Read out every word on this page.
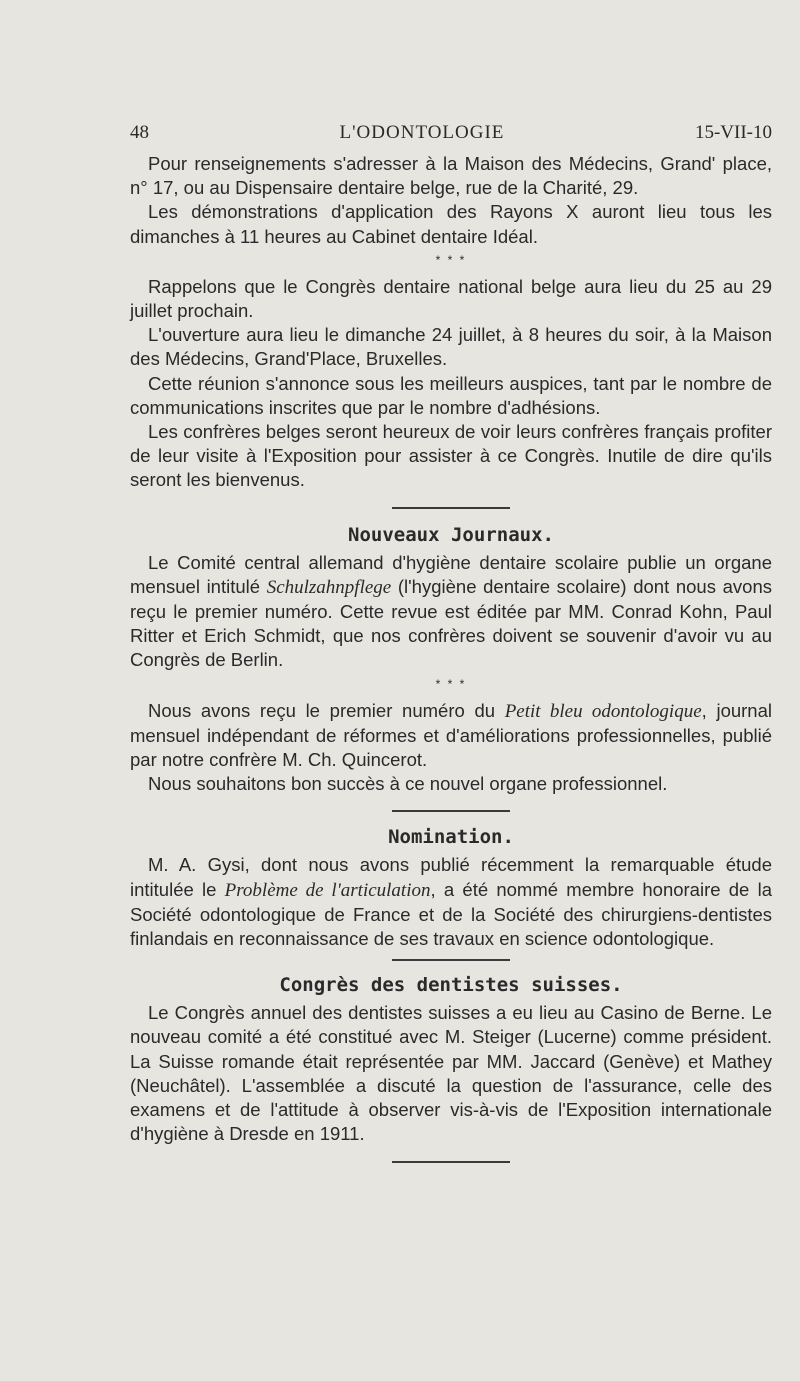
48	L'ODONTOLOGIE	15-VII-10

Pour renseignements s'adresser à la Maison des Médecins, Grand' place, n° 17, ou au Dispensaire dentaire belge, rue de la Charité, 29.

Les démonstrations d'application des Rayons X auront lieu tous les dimanches à 11 heures au Cabinet dentaire Idéal.

* * *

Rappelons que le Congrès dentaire national belge aura lieu du 25 au 29 juillet prochain.

L'ouverture aura lieu le dimanche 24 juillet, à 8 heures du soir, à la Maison des Médecins, Grand'Place, Bruxelles.

Cette réunion s'annonce sous les meilleurs auspices, tant par le nombre de communications inscrites que par le nombre d'adhésions.

Les confrères belges seront heureux de voir leurs confrères français profiter de leur visite à l'Exposition pour assister à ce Congrès. Inutile de dire qu'ils seront les bienvenus.

Nouveaux Journaux.

Le Comité central allemand d'hygiène dentaire scolaire publie un organe mensuel intitulé Schulzahnpflege (l'hygiène dentaire scolaire) dont nous avons reçu le premier numéro. Cette revue est éditée par MM. Conrad Kohn, Paul Ritter et Erich Schmidt, que nos confrères doivent se souvenir d'avoir vu au Congrès de Berlin.

* * *

Nous avons reçu le premier numéro du Petit bleu odontologique, journal mensuel indépendant de réformes et d'améliorations professionnelles, publié par notre confrère M. Ch. Quincerot.

Nous souhaitons bon succès à ce nouvel organe professionnel.

Nomination.

M. A. Gysi, dont nous avons publié récemment la remarquable étude intitulée le Problème de l'articulation, a été nommé membre honoraire de la Société odontologique de France et de la Société des chirurgiens-dentistes finlandais en reconnaissance de ses travaux en science odontologique.

Congrès des dentistes suisses.

Le Congrès annuel des dentistes suisses a eu lieu au Casino de Berne. Le nouveau comité a été constitué avec M. Steiger (Lucerne) comme président. La Suisse romande était représentée par MM. Jaccard (Genève) et Mathey (Neuchâtel). L'assemblée a discuté la question de l'assurance, celle des examens et de l'attitude à observer vis-à-vis de l'Exposition internationale d'hygiène à Dresde en 1911.
